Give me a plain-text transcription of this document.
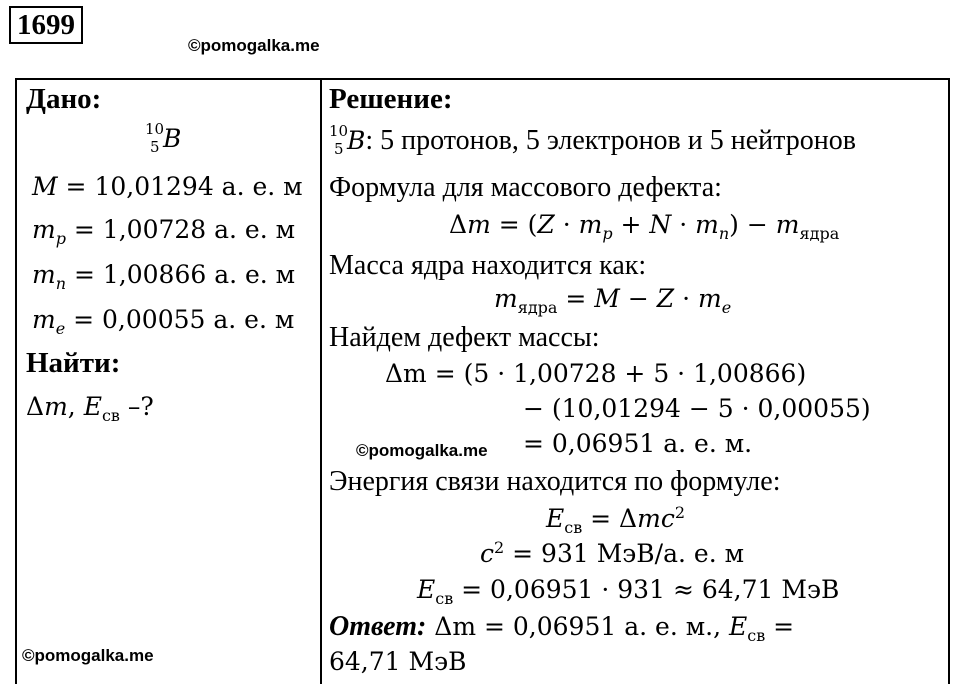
1699
©pomogalka.me
Дано:
10
5 B
M = 10,01294 а. е. м
$m_p = 1,00728$ а. е. м
$m_n = 1,00866$ а. е. м
$m_e = 0,00055$ а. е. м
Найти:
Δm, $E_{св}$ –?
©pomogalka.me
Решение:
10
5 B: 5 протонов, 5 электронов и 5 нейтронов
Формула для массового дефекта:
$\Delta m = (Z \cdot m_p + N \cdot m_n) - m_{ядра}$
Масса ядра находится как:
$m_{ядра} = M - Z \cdot m_e$
Найдем дефект массы:
Δm = (5 · 1,00728 + 5 · 1,00866)
− (10,01294 − 5 · 0,00055)
©pomogalka.me = 0,06951 а. е. м.
Энергия связи находится по формуле:
$E_{св} = \Delta mc^2$
$c^2 = 931$ МэВ/а. е. м
$E_{св} = 0,06951 \cdot 931 \approx 64,71$ МэВ
Ответ: Δm = 0,06951 а. е. м., $E_{св}$ =
64,71 МэВ
